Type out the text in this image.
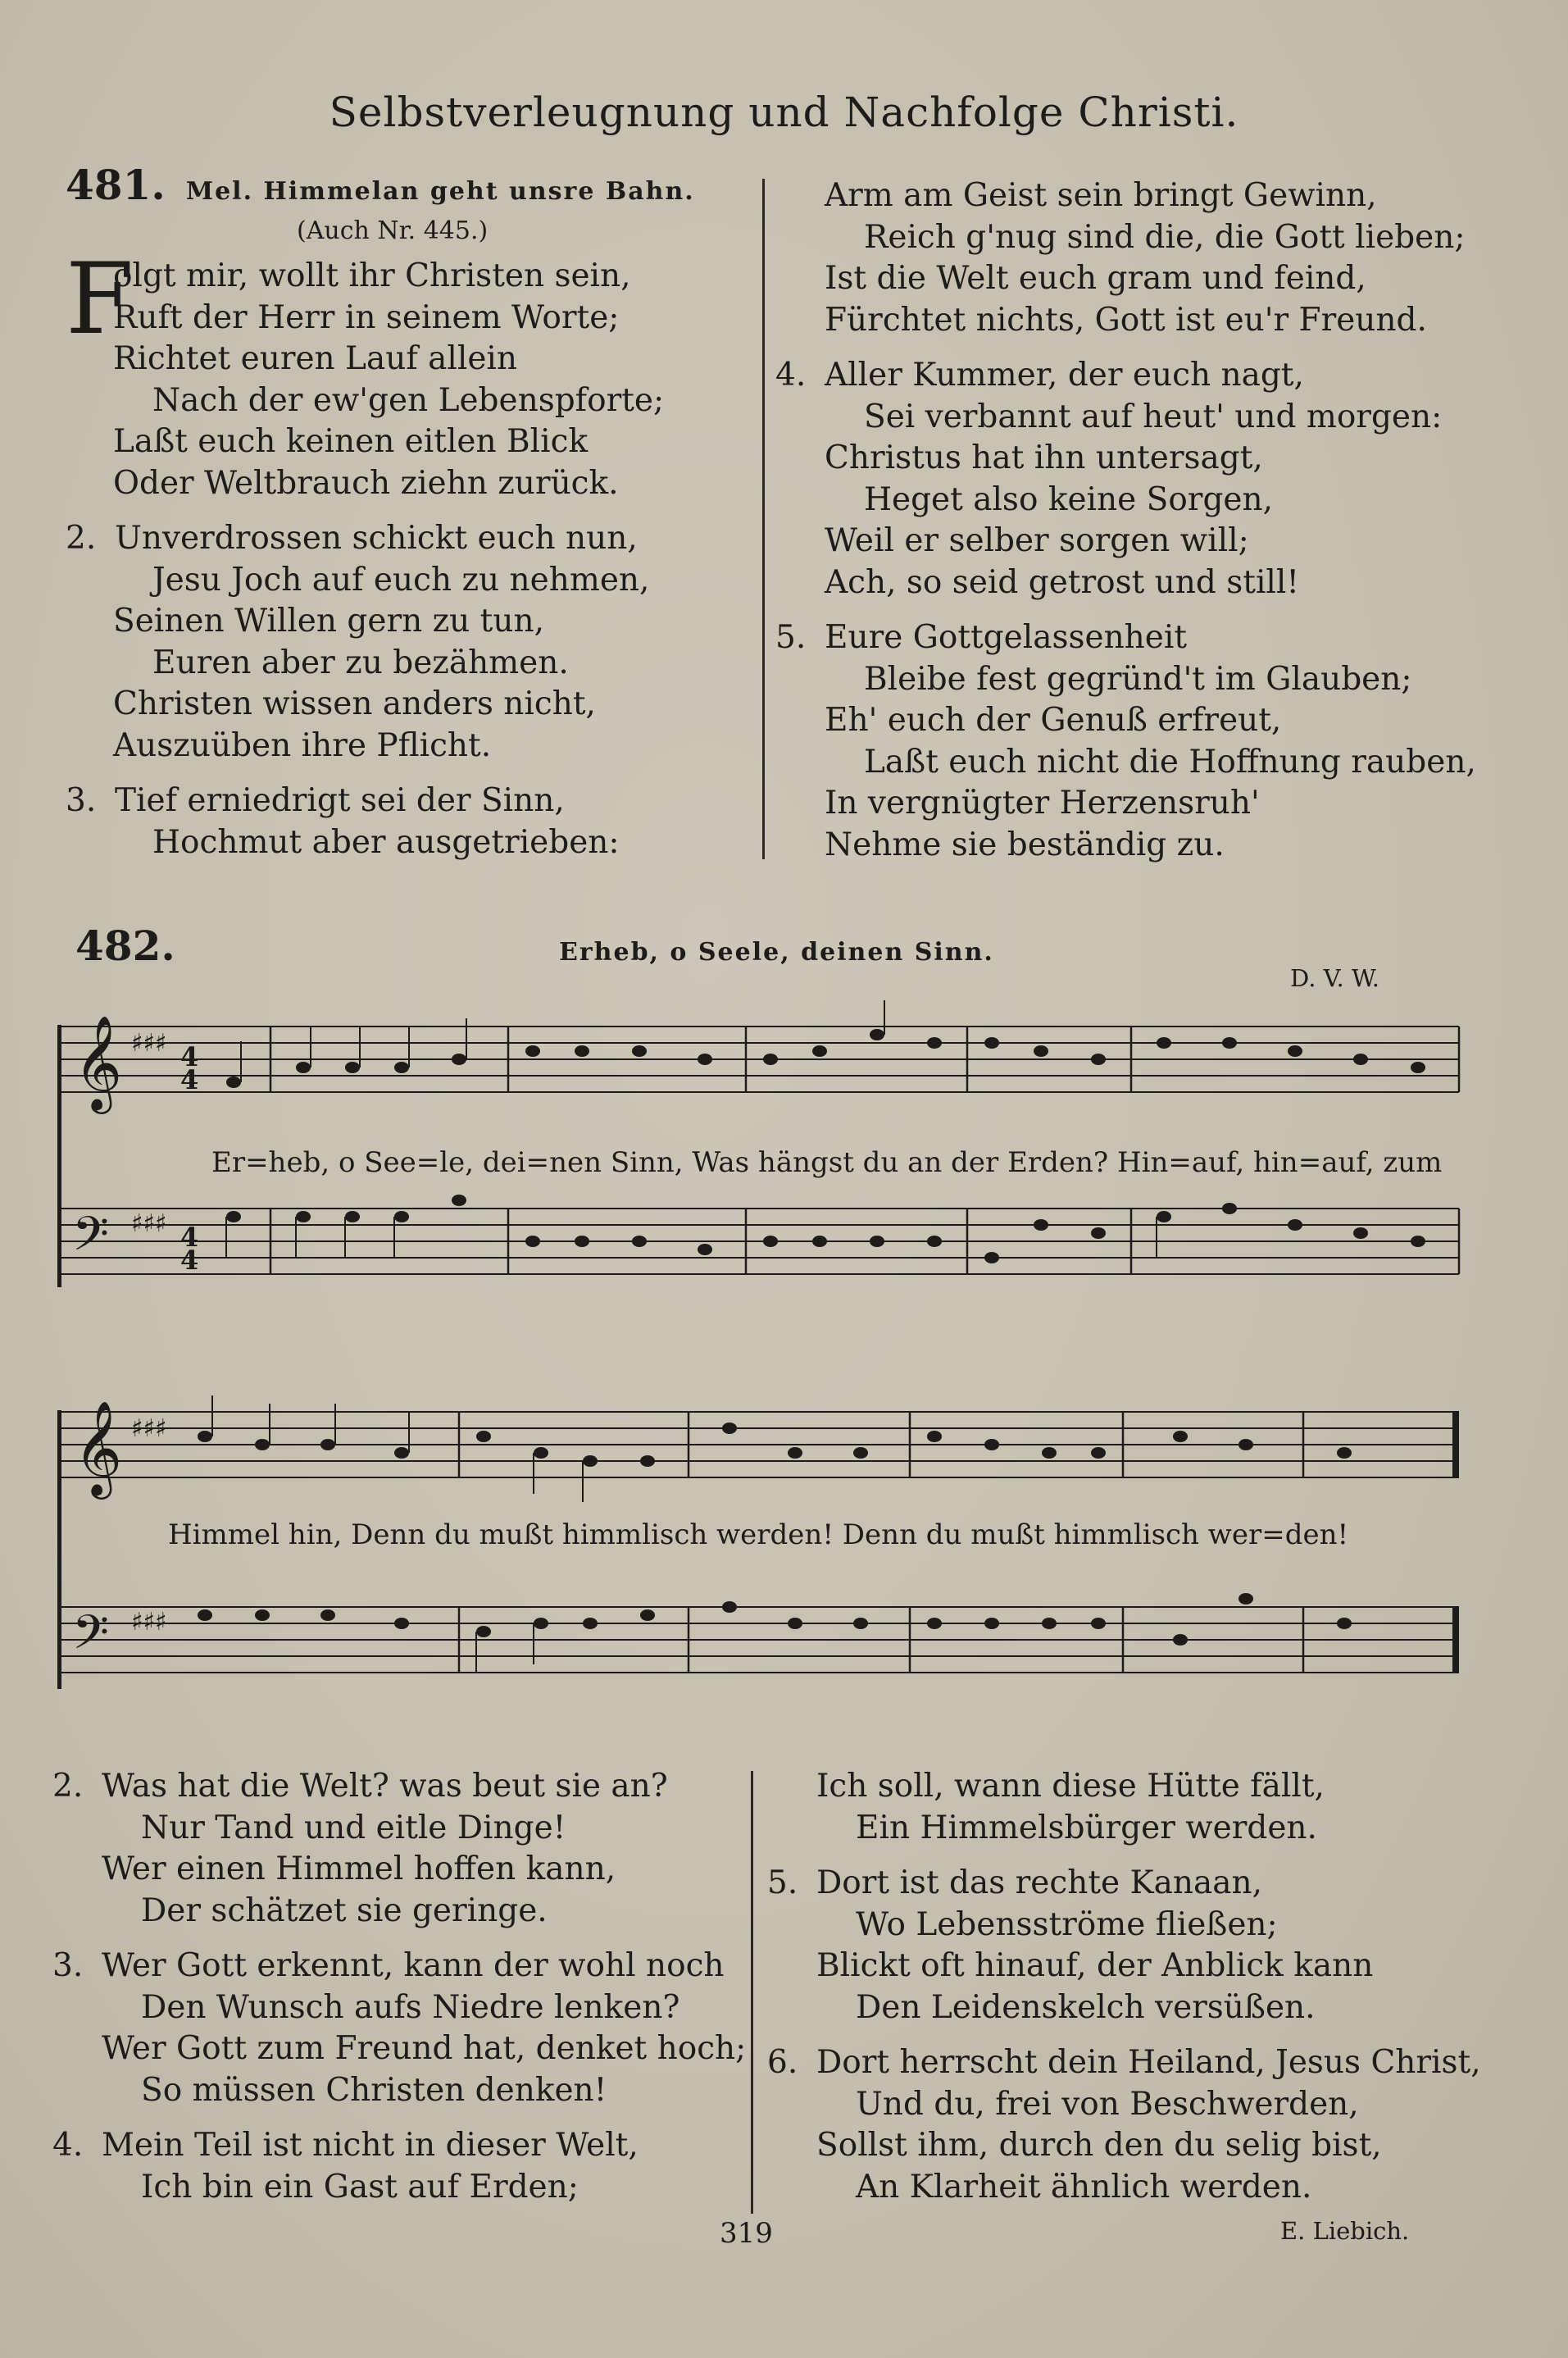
Selbstverleugnung und Nachfolge Christi.
481. Mel. Himmelan geht unsre Bahn.
(Auch Nr. 445.)
F
olgt mir, wollt ihr Christen sein,
Ruft der Herr in seinem Worte;
Richtet euren Lauf allein
Nach der ew'gen Lebenspforte;
Laßt euch keinen eitlen Blick
Oder Weltbrauch ziehn zurück.
2. Unverdrossen schickt euch nun,
Jesu Joch auf euch zu nehmen,
Seinen Willen gern zu tun,
Euren aber zu bezähmen.
Christen wissen anders nicht,
Auszuüben ihre Pflicht.
3. Tief erniedrigt sei der Sinn,
Hochmut aber ausgetrieben:
Arm am Geist sein bringt Gewinn,
Reich g'nug sind die, die Gott lieben;
Ist die Welt euch gram und feind,
Fürchtet nichts, Gott ist eu'r Freund.
4. Aller Kummer, der euch nagt,
Sei verbannt auf heut' und morgen:
Christus hat ihn untersagt,
Heget also keine Sorgen,
Weil er selber sorgen will;
Ach, so seid getrost und still!
5. Eure Gottgelassenheit
Bleibe fest gegründ't im Glauben;
Eh' euch der Genuß erfreut,
Laßt euch nicht die Hoffnung rauben,
In vergnügter Herzensruh'
Nehme sie beständig zu.
482.	Erheb, o Seele, deinen Sinn.
D. V. W.
𝄞 ♯♯♯ 4
4
𝄢 ♯♯♯ 4
4
Er=heb, o See=le, dei=nen Sinn, Was hängst du an der Erden? Hin=auf, hin=auf, zum
𝄞 ♯♯♯
𝄢 ♯♯♯
Himmel hin, Denn du mußt himmlisch werden! Denn du mußt himmlisch wer=den!
2. Was hat die Welt? was beut sie an?
Nur Tand und eitle Dinge!
Wer einen Himmel hoffen kann,
Der schätzet sie geringe.
3. Wer Gott erkennt, kann der wohl noch
Den Wunsch aufs Niedre lenken?
Wer Gott zum Freund hat, denket hoch;
So müssen Christen denken!
4. Mein Teil ist nicht in dieser Welt,
Ich bin ein Gast auf Erden;
Ich soll, wann diese Hütte fällt,
Ein Himmelsbürger werden.
5. Dort ist das rechte Kanaan,
Wo Lebensströme fließen;
Blickt oft hinauf, der Anblick kann
Den Leidenskelch versüßen.
6. Dort herrscht dein Heiland, Jesus Christ,
Und du, frei von Beschwerden,
Sollst ihm, durch den du selig bist,
An Klarheit ähnlich werden.
E. Liebich.
319
